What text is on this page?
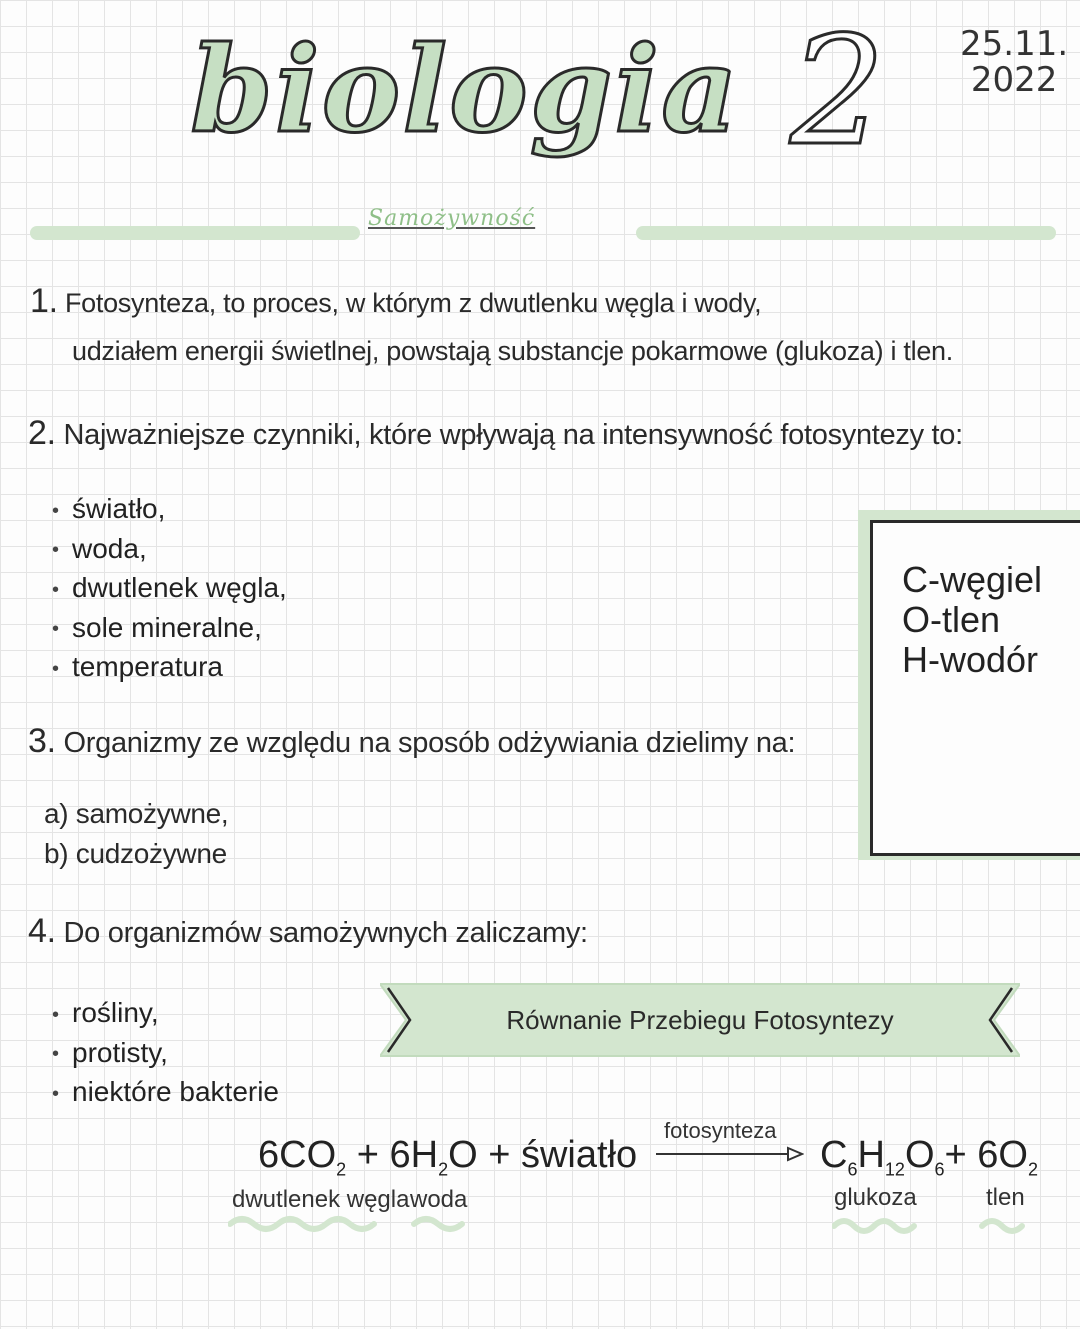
biologia 2 25.11.
2022
Samożywność
1. Fotosynteza, to proces, w którym z dwutlenku węgla i wody,
udziałem energii świetlnej, powstają substancje pokarmowe (glukoza) i tlen.
2. Najważniejsze czynniki, które wpływają na intensywność fotosyntezy to:
• światło,
• woda,
• dwutlenek węgla,
• sole mineralne,
• temperatura
C-węgiel
O-tlen
H-wodór
3. Organizmy ze względu na sposób odżywiania dzielimy na:
a) samożywne,
b) cudzożywne
4. Do organizmów samożywnych zaliczamy:
• rośliny,
• protisty,
• niektóre bakterie
Równanie Przebiegu Fotosyntezy
$6CO_2 + 6H_2O$ + światło
fotosynteza
$C_6H_{12}O_6+ 6O_2$
dwutlenek węgla woda	glukoza	tlen
